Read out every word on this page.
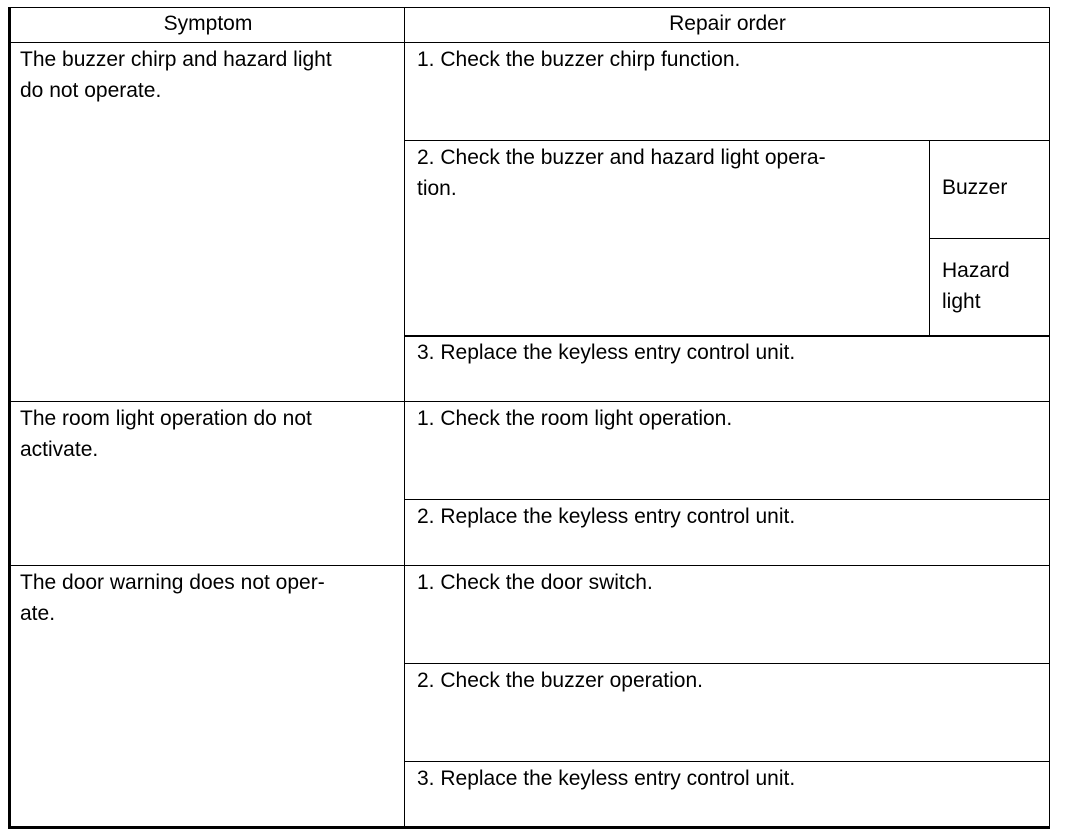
Symptom	Repair order
The buzzer chirp and hazard light
do not operate.
1. Check the buzzer chirp function.
2. Check the buzzer and hazard light opera-
tion.	Buzzer
Hazard
light
3. Replace the keyless entry control unit.
The room light operation do not
activate.
1. Check the room light operation.
2. Replace the keyless entry control unit.
The door warning does not oper-
ate.
1. Check the door switch.
2. Check the buzzer operation.
3. Replace the keyless entry control unit.
